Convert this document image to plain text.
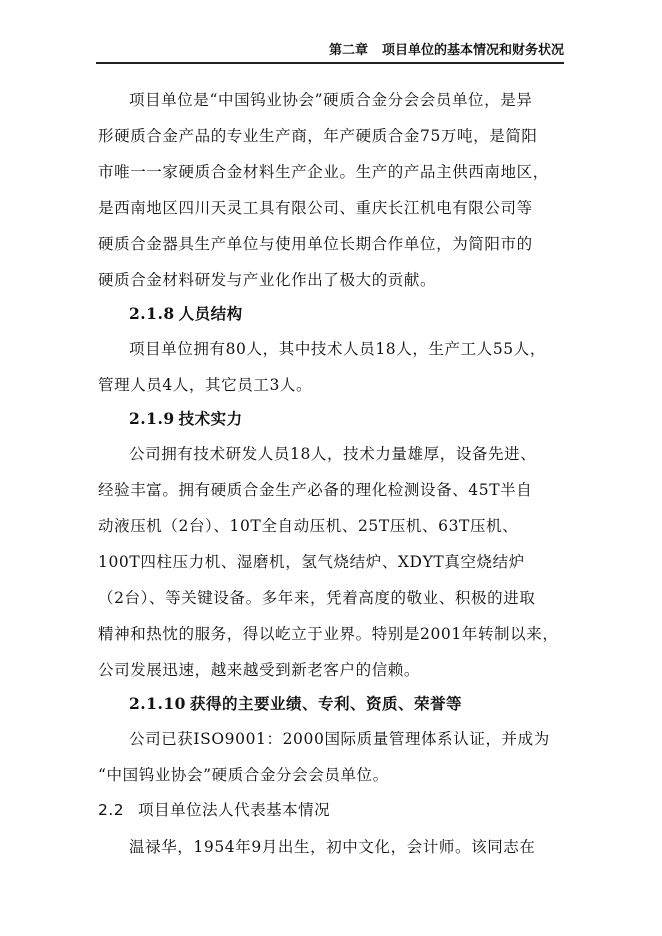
第二章 项目单位的基本情况和财务状况
项目单位是“中国钨业协会”硬质合金分会会员单位，是异
形硬质合金产品的专业生产商，年产硬质合金75万吨，是简阳
市唯一一家硬质合金材料生产企业。生产的产品主供西南地区，
是西南地区四川天灵工具有限公司、重庆长江机电有限公司等
硬质合金器具生产单位与使用单位长期合作单位，为简阳市的
硬质合金材料研发与产业化作出了极大的贡献。
2.1.8 人员结构
项目单位拥有80人，其中技术人员18人，生产工人55人，
管理人员4人，其它员工3人。
2.1.9 技术实力
公司拥有技术研发人员18人，技术力量雄厚，设备先进、
经验丰富。拥有硬质合金生产必备的理化检测设备、45T半自
动液压机（2台）、10T全自动压机、25T压机、63T压机、
100T四柱压力机、湿磨机，氢气烧结炉、XDYT真空烧结炉
（2台）、等关键设备。多年来，凭着高度的敬业、积极的进取
精神和热忱的服务，得以屹立于业界。特别是2001年转制以来，
公司发展迅速，越来越受到新老客户的信赖。
2.1.10 获得的主要业绩、专利、资质、荣誉等
公司已获ISO9001：2000国际质量管理体系认证，并成为
“中国钨业协会”硬质合金分会会员单位。
2.2 项目单位法人代表基本情况
温禄华，1954年9月出生，初中文化，会计师。该同志在
